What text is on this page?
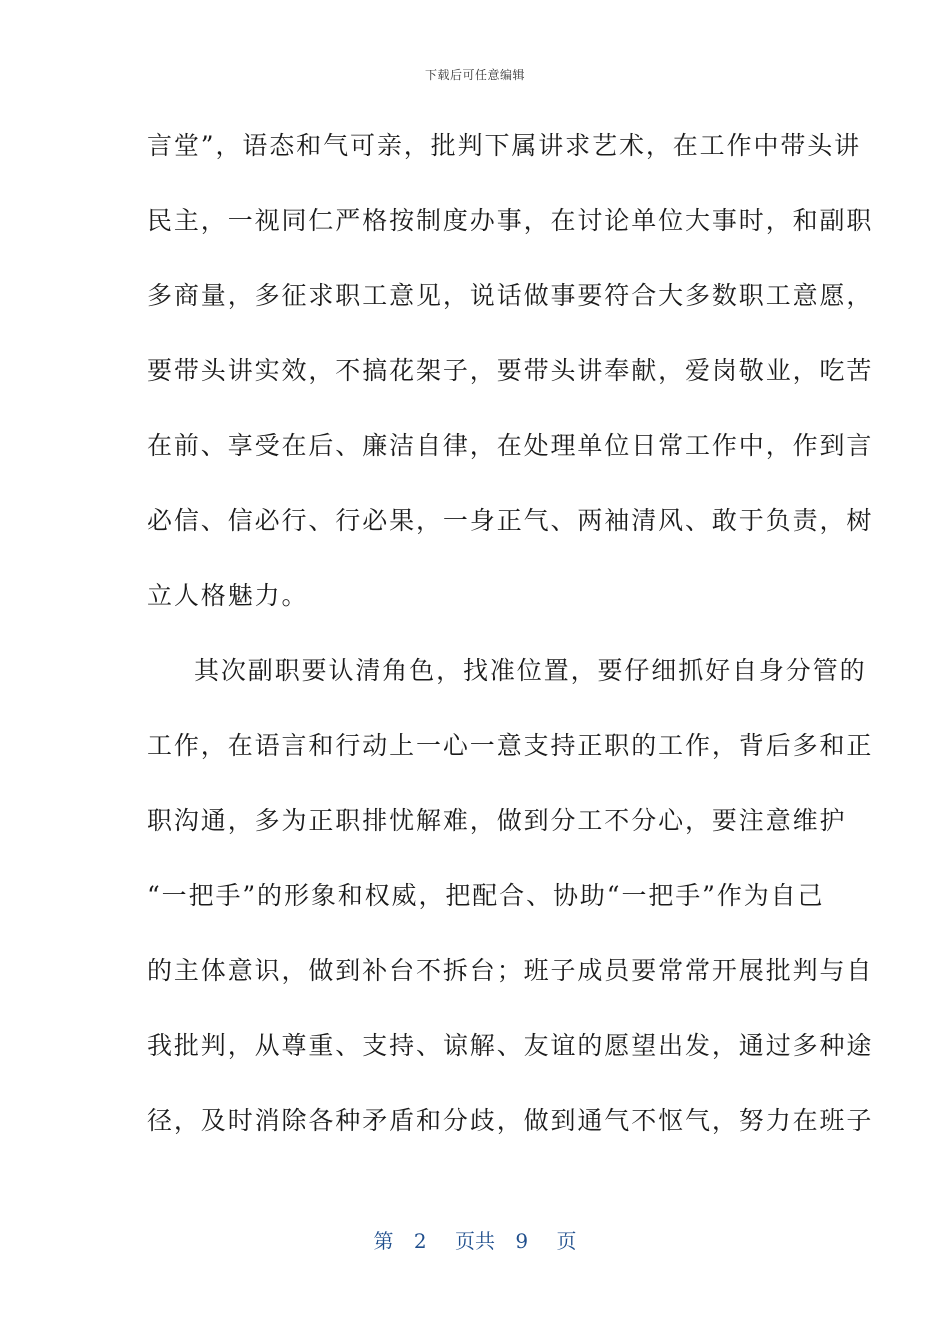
下载后可任意编辑
言堂”，语态和气可亲，批判下属讲求艺术，在工作中带头讲
民主，一视同仁严格按制度办事，在讨论单位大事时，和副职
多商量，多征求职工意见，说话做事要符合大多数职工意愿，
要带头讲实效，不搞花架子，要带头讲奉献，爱岗敬业，吃苦
在前、享受在后、廉洁自律，在处理单位日常工作中，作到言
必信、信必行、行必果，一身正气、两袖清风、敢于负责，树
立人格魅力。
其次副职要认清角色，找准位置，要仔细抓好自身分管的
工作，在语言和行动上一心一意支持正职的工作，背后多和正
职沟通，多为正职排忧解难，做到分工不分心，要注意维护
“一把手”的形象和权威，把配合、协助“一把手”作为自己
的主体意识，做到补台不拆台；班子成员要常常开展批判与自
我批判，从尊重、支持、谅解、友谊的愿望出发，通过多种途
径，及时消除各种矛盾和分歧，做到通气不怄气，努力在班子
第 2 页共 9 页
